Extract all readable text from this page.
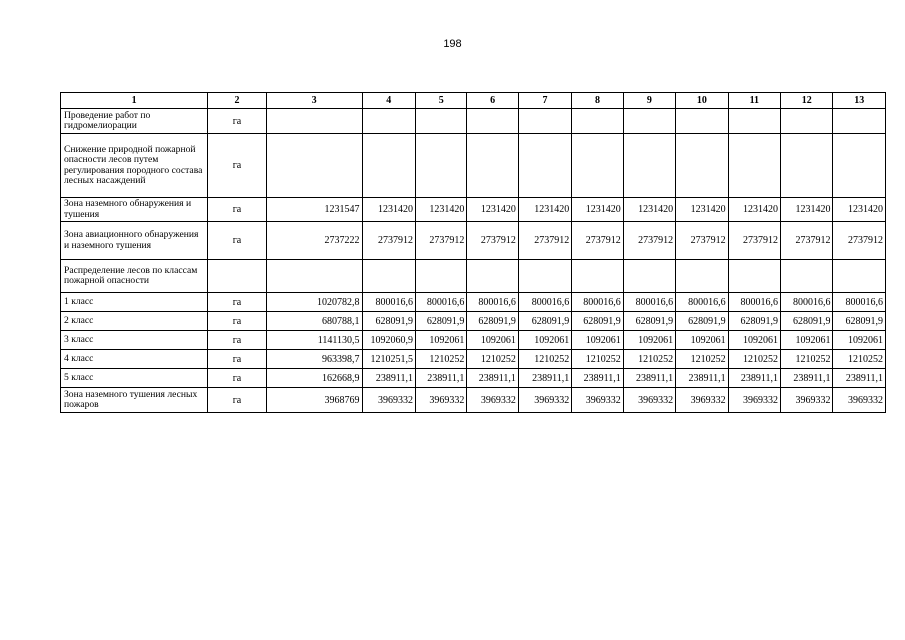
198
1	2	3	4	5	6	7	8	9	10	11	12	13
Проведение работ по гидромелиорации	га											
Снижение природной пожарной опасности лесов путем регулирования породного состава лесных насаждений	га											
Зона наземного обнаружения и тушения	га	1231547	1231420	1231420	1231420	1231420	1231420	1231420	1231420	1231420	1231420	1231420
Зона авиационного обнаружения и наземного тушения	га	2737222	2737912	2737912	2737912	2737912	2737912	2737912	2737912	2737912	2737912	2737912
Распределение лесов по классам пожарной опасности												
1 класс	га	1020782,8	800016,6	800016,6	800016,6	800016,6	800016,6	800016,6	800016,6	800016,6	800016,6	800016,6
2 класс	га	680788,1	628091,9	628091,9	628091,9	628091,9	628091,9	628091,9	628091,9	628091,9	628091,9	628091,9
3 класс	га	1141130,5	1092060,9	1092061	1092061	1092061	1092061	1092061	1092061	1092061	1092061	1092061
4 класс	га	963398,7	1210251,5	1210252	1210252	1210252	1210252	1210252	1210252	1210252	1210252	1210252
5 класс	га	162668,9	238911,1	238911,1	238911,1	238911,1	238911,1	238911,1	238911,1	238911,1	238911,1	238911,1
Зона наземного тушения лесных пожаров	га	3968769	3969332	3969332	3969332	3969332	3969332	3969332	3969332	3969332	3969332	3969332
